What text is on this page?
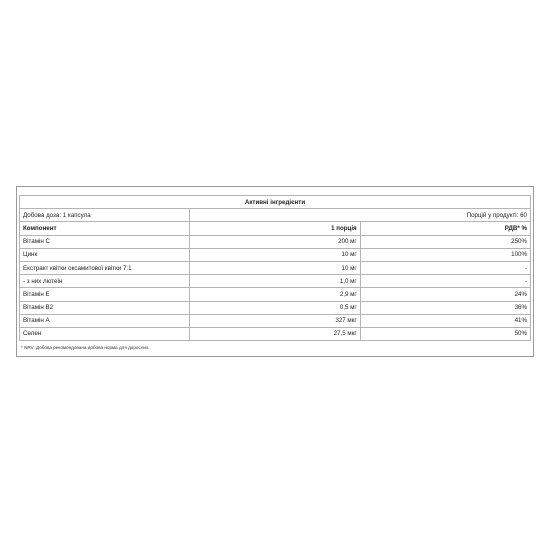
Активні інгредієнти		
Добова доза: 1 капсула	Порцій у продукті: 60	
Компонент	1 порція	РДВ* %
Вітамін С	200 мг	250%
Цинк	10 мг	100%
Екстракт квітки оксамитової квітки 7:1	10 мг	-
- з них лютеїн	1,0 мг	-
Вітамін Е	2,9 мг	24%
Вітамін В2	0,5 мг	36%
Вітамін А	327 мкг	41%
Селен	27,5 мкг	50%
* NRV: Добова рекомендована добова норма для дорослих.
